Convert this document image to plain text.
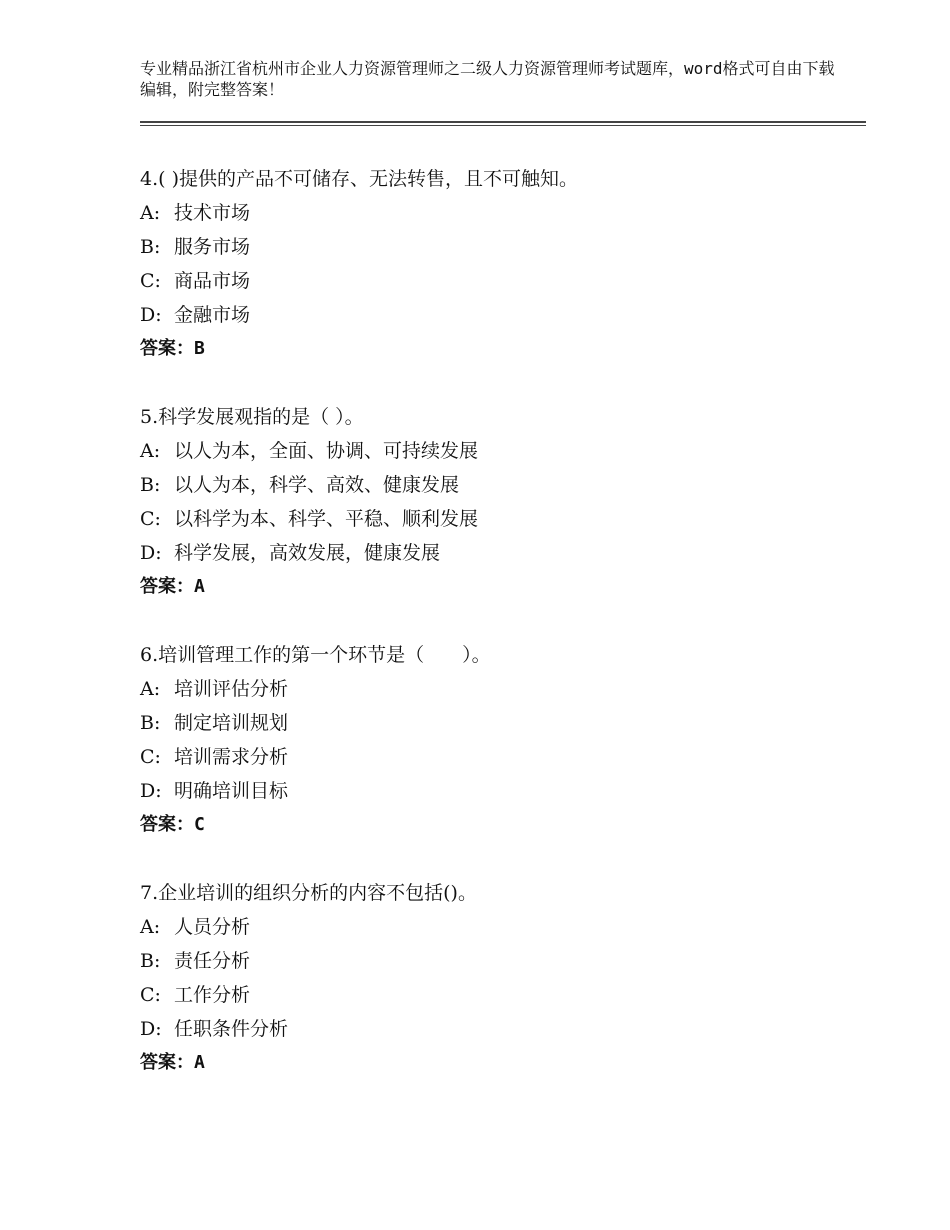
专业精品浙江省杭州市企业人力资源管理师之二级人力资源管理师考试题库，word格式可自由下载编辑，附完整答案！
4.( )提供的产品不可储存、无法转售，且不可触知。
A: 技术市场
B: 服务市场
C: 商品市场
D: 金融市场
答案：B
5.科学发展观指的是（ ）。
A: 以人为本，全面、协调、可持续发展
B: 以人为本，科学、高效、健康发展
C: 以科学为本、科学、平稳、顺利发展
D: 科学发展，高效发展，健康发展
答案：A
6.培训管理工作的第一个环节是（　　）。
A: 培训评估分析
B: 制定培训规划
C: 培训需求分析
D: 明确培训目标
答案：C
7.企业培训的组织分析的内容不包括()。
A: 人员分析
B: 责任分析
C: 工作分析
D: 任职条件分析
答案：A
